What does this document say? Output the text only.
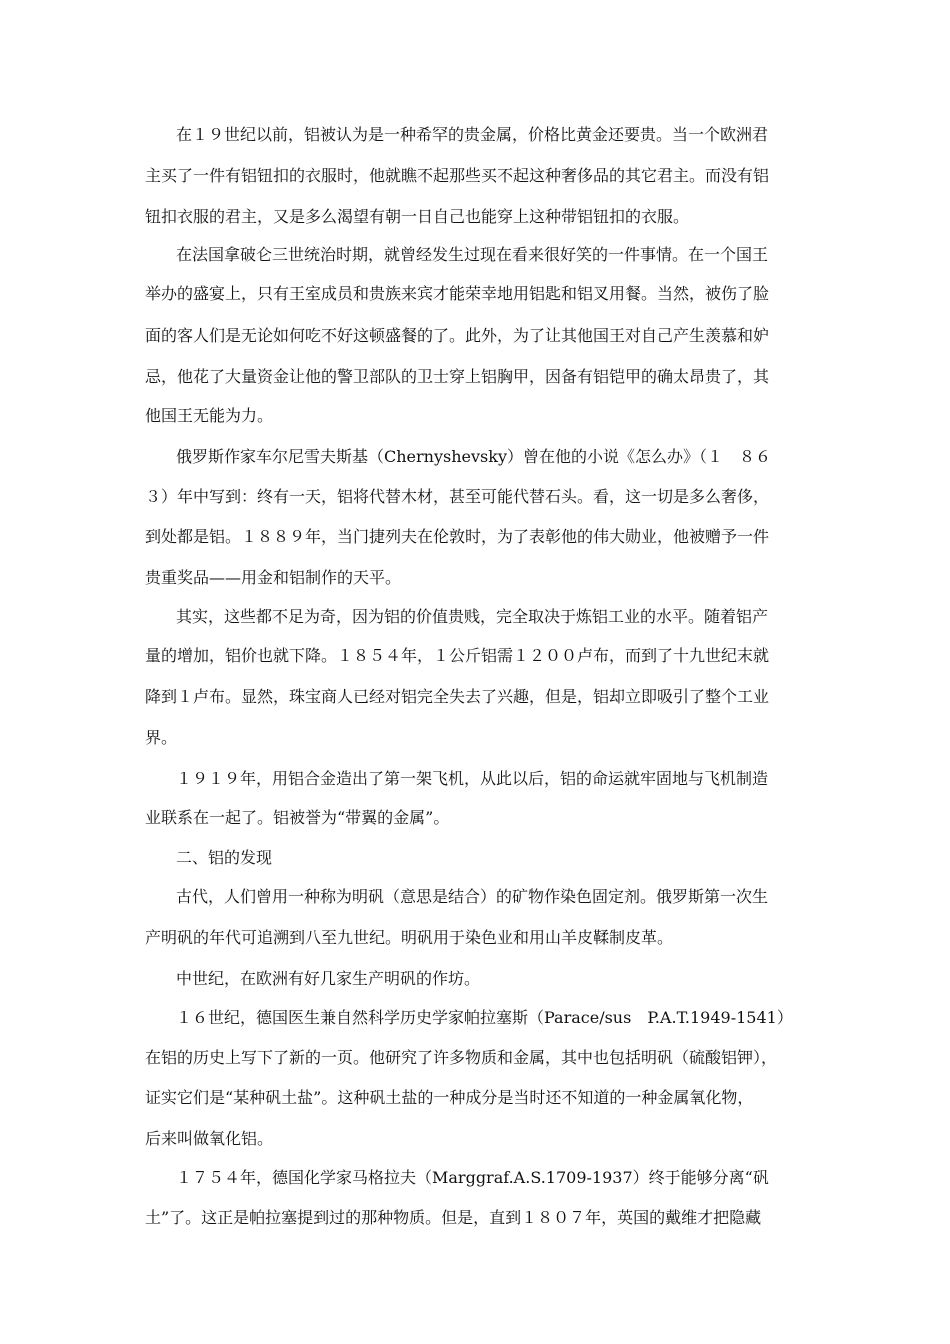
在１９世纪以前，铝被认为是一种希罕的贵金属，价格比黄金还要贵。当一个欧洲君
主买了一件有铝钮扣的衣服时，他就瞧不起那些买不起这种奢侈品的其它君主。而没有铝
钮扣衣服的君主，又是多么渴望有朝一日自己也能穿上这种带铝钮扣的衣服。
在法国拿破仑三世统治时期，就曾经发生过现在看来很好笑的一件事情。在一个国王
举办的盛宴上，只有王室成员和贵族来宾才能荣幸地用铝匙和铝叉用餐。当然，被伤了脸
面的客人们是无论如何吃不好这顿盛餐的了。此外，为了让其他国王对自己产生羡慕和妒
忌，他花了大量资金让他的警卫部队的卫士穿上铝胸甲，因备有铝铠甲的确太昂贵了，其
他国王无能为力。
俄罗斯作家车尔尼雪夫斯基（Chernyshevsky）曾在他的小说《怎么办》（１　８６
３）年中写到：终有一天，铝将代替木材，甚至可能代替石头。看，这一切是多么奢侈，
到处都是铝。１８８９年，当门捷列夫在伦敦时，为了表彰他的伟大勋业，他被赠予一件
贵重奖品——用金和铝制作的天平。
其实，这些都不足为奇，因为铝的价值贵贱，完全取决于炼铝工业的水平。随着铝产
量的增加，铝价也就下降。１８５４年，１公斤铝需１２００卢布，而到了十九世纪末就
降到１卢布。显然，珠宝商人已经对铝完全失去了兴趣，但是，铝却立即吸引了整个工业
界。
１９１９年，用铝合金造出了第一架飞机，从此以后，铝的命运就牢固地与飞机制造
业联系在一起了。铝被誉为“带翼的金属”。
二、铝的发现
古代，人们曾用一种称为明矾（意思是结合）的矿物作染色固定剂。俄罗斯第一次生
产明矾的年代可追溯到八至九世纪。明矾用于染色业和用山羊皮鞣制皮革。
中世纪，在欧洲有好几家生产明矾的作坊。
１６世纪，德国医生兼自然科学历史学家帕拉塞斯（Parace/sus　P.A.T.1949-1541）
在铝的历史上写下了新的一页。他研究了许多物质和金属，其中也包括明矾（硫酸铝钾），
证实它们是“某种矾土盐”。这种矾土盐的一种成分是当时还不知道的一种金属氧化物，
后来叫做氧化铝。
１７５４年，德国化学家马格拉夫（Marggraf.A.S.1709-1937）终于能够分离“矾
土”了。这正是帕拉塞提到过的那种物质。但是，直到１８０７年，英国的戴维才把隐藏
